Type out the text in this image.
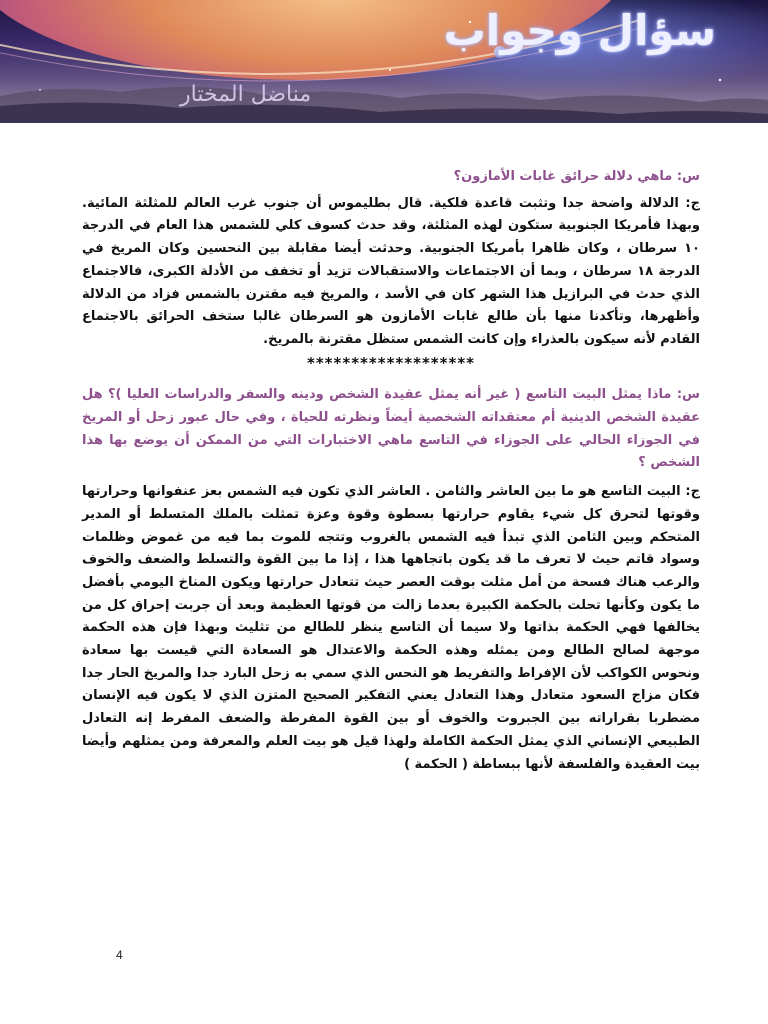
سؤال وجواب
مناضل المختار

س: ماهي دلالة حرائق غابات الأمازون؟

ج: الدلالة واضحة جدا وتثبت قاعدة فلكية. قال بطليموس أن جنوب غرب العالم للمثلثة المائية. وبهذا فأمريكا الجنوبية ستكون لهذه المثلثة، وقد حدث كسوف كلي للشمس هذا العام في الدرجة ١٠ سرطان ، وكان ظاهرا بأمريكا الجنوبية. وحدثت أيضا مقابلة بين النحسين وكان المريخ في الدرجة ١٨ سرطان ، وبما أن الاجتماعات والاستقبالات تزيد أو تخفف من الأدلة الكبرى، فالاجتماع الذي حدث في البرازيل هذا الشهر كان في الأسد ، والمريخ فيه مقترن بالشمس فزاد من الدلالة وأظهرها، وتأكدنا منها بأن طالع غابات الأمازون هو السرطان غالبا ستخف الحرائق بالاجتماع القادم لأنه سيكون بالعذراء وإن كانت الشمس ستظل مقترنة بالمريخ.

*******************

س: ماذا يمثل البيت التاسع ( غير أنه يمثل عقيدة الشخص ودينه والسفر والدراسات العليا )؟ هل عقيدة الشخص الدينية أم معتقداته الشخصية أيضاً ونظرته للحياة ، وفي حال عبور زحل أو المريخ في الجوزاء الحالي على الجوزاء في التاسع ماهي الاختبارات التي من الممكن أن يوضع بها هذا الشخص ؟

ج: البيت التاسع هو ما بين العاشر والثامن . العاشر الذي تكون فيه الشمس بعز عنفوانها وحرارتها وقوتها لتحرق كل شيء يقاوم حرارتها بسطوة وقوة وعزة تمثلت بالملك المتسلط أو المدير المتحكم وبين الثامن الذي تبدأ فيه الشمس بالغروب وتتجه للموت بما فيه من غموض وظلمات وسواد قاتم حيث لا تعرف ما قد يكون باتجاهها هذا ، إذا ما بين القوة والتسلط والضعف والخوف والرعب هناك فسحة من أمل مثلت بوقت العصر حيث تتعادل حرارتها ويكون المناخ اليومي بأفضل ما يكون وكأنها تحلت بالحكمة الكبيرة بعدما زالت من قوتها العظيمة وبعد أن جربت إحراق كل من يخالفها فهي الحكمة بذاتها ولا سيما أن التاسع ينظر للطالع من تثليث وبهذا فإن هذه الحكمة موجهة لصالح الطالع ومن يمثله وهذه الحكمة والاعتدال هو السعادة التي قيست بها سعادة ونحوس الكواكب لأن الإفراط والتفريط هو النحس الذي سمي به زحل البارد جدا والمريخ الحار جدا فكان مزاج السعود متعادل وهذا التعادل يعني التفكير الصحيح المتزن الذي لا يكون فيه الإنسان مضطربا بقراراته بين الجبروت والخوف أو بين القوة المفرطة والضعف المفرط إنه التعادل الطبيعي الإنساني الذي يمثل الحكمة الكاملة ولهذا قيل هو بيت العلم والمعرفة ومن يمثلهم وأيضا بيت العقيدة والفلسفة لأنها ببساطة ( الحكمة )

4
